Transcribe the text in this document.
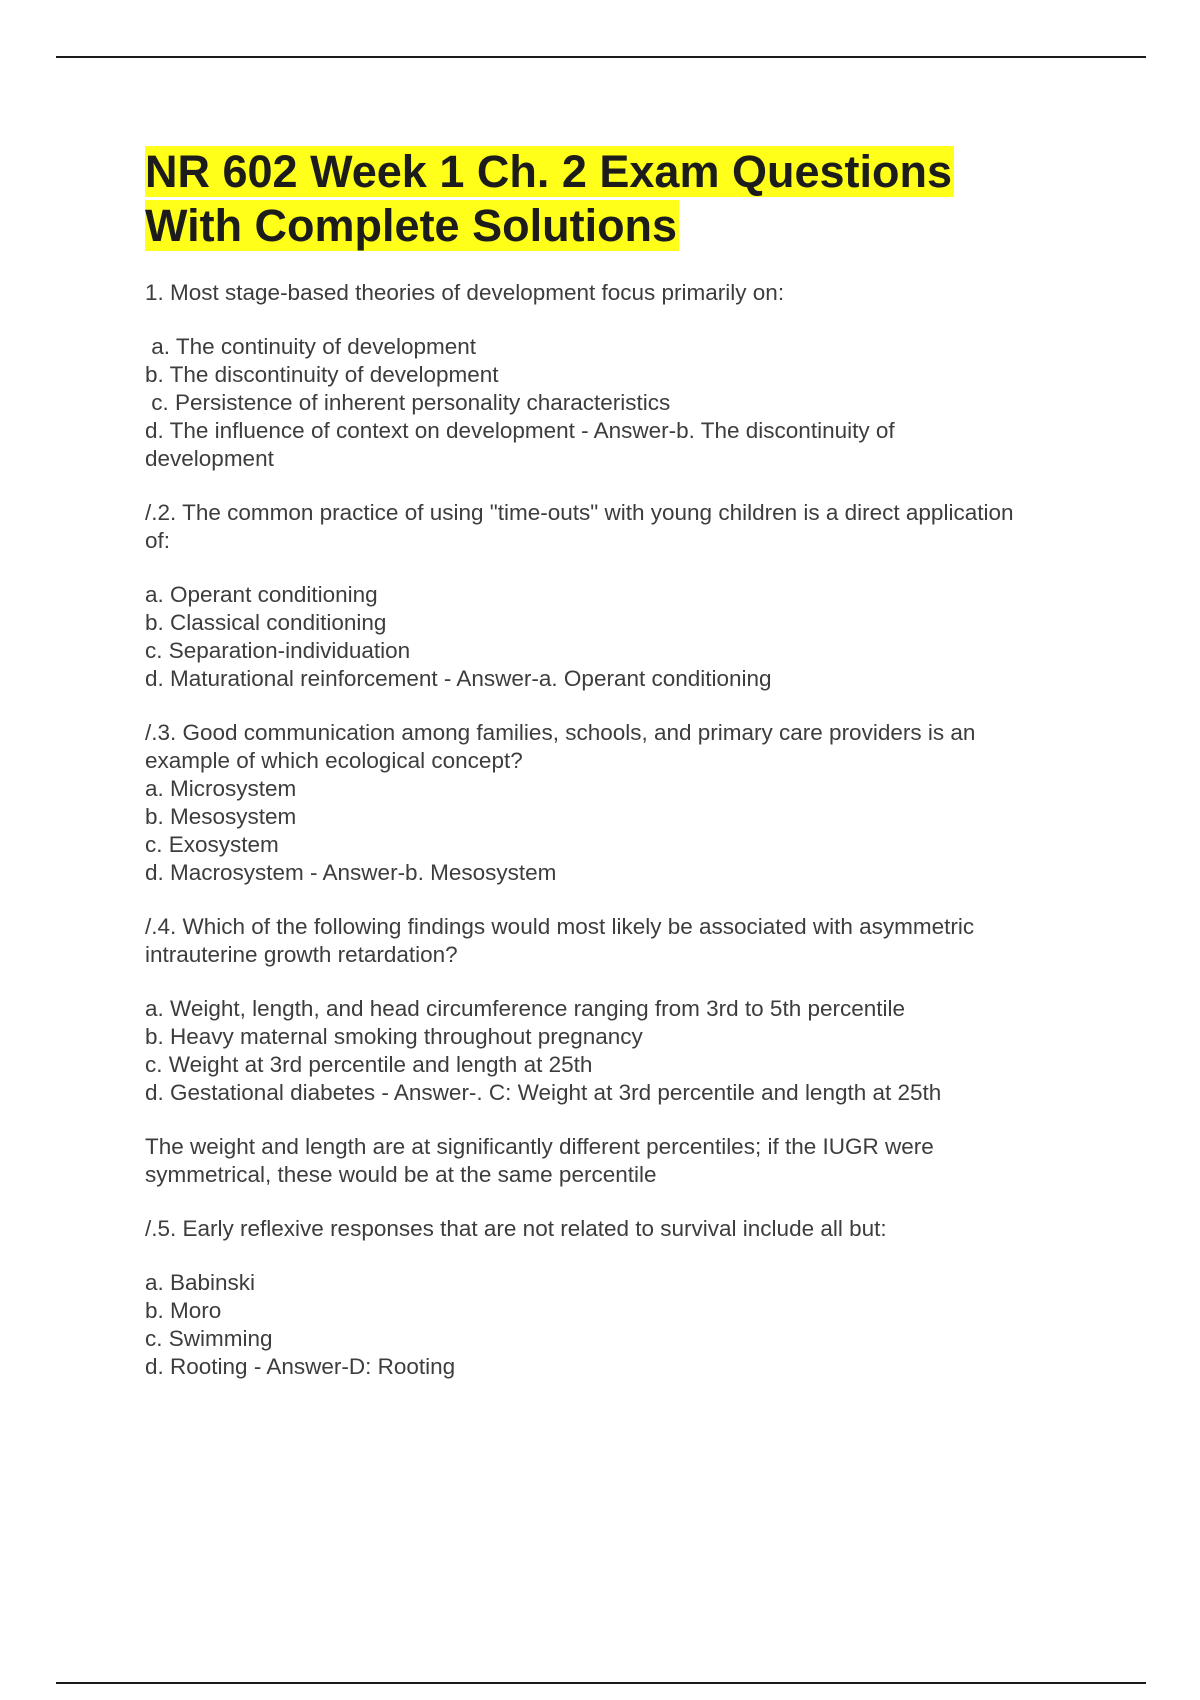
NR 602 Week 1 Ch. 2 Exam Questions
With Complete Solutions

1. Most stage-based theories of development focus primarily on:

a. The continuity of development

b. The discontinuity of development

c. Persistence of inherent personality characteristics

d. The influence of context on development - Answer-b. The discontinuity of

development

/.2. The common practice of using "time-outs" with young children is a direct application

of:

a. Operant conditioning

b. Classical conditioning

c. Separation-individuation

d. Maturational reinforcement - Answer-a. Operant conditioning

/.3. Good communication among families, schools, and primary care providers is an

example of which ecological concept?

a. Microsystem

b. Mesosystem

c. Exosystem

d. Macrosystem - Answer-b. Mesosystem

/.4. Which of the following findings would most likely be associated with asymmetric

intrauterine growth retardation?

a. Weight, length, and head circumference ranging from 3rd to 5th percentile

b. Heavy maternal smoking throughout pregnancy

c. Weight at 3rd percentile and length at 25th

d. Gestational diabetes - Answer-. C: Weight at 3rd percentile and length at 25th

The weight and length are at significantly different percentiles; if the IUGR were

symmetrical, these would be at the same percentile

/.5. Early reflexive responses that are not related to survival include all but:

a. Babinski

b. Moro

c. Swimming

d. Rooting - Answer-D: Rooting
